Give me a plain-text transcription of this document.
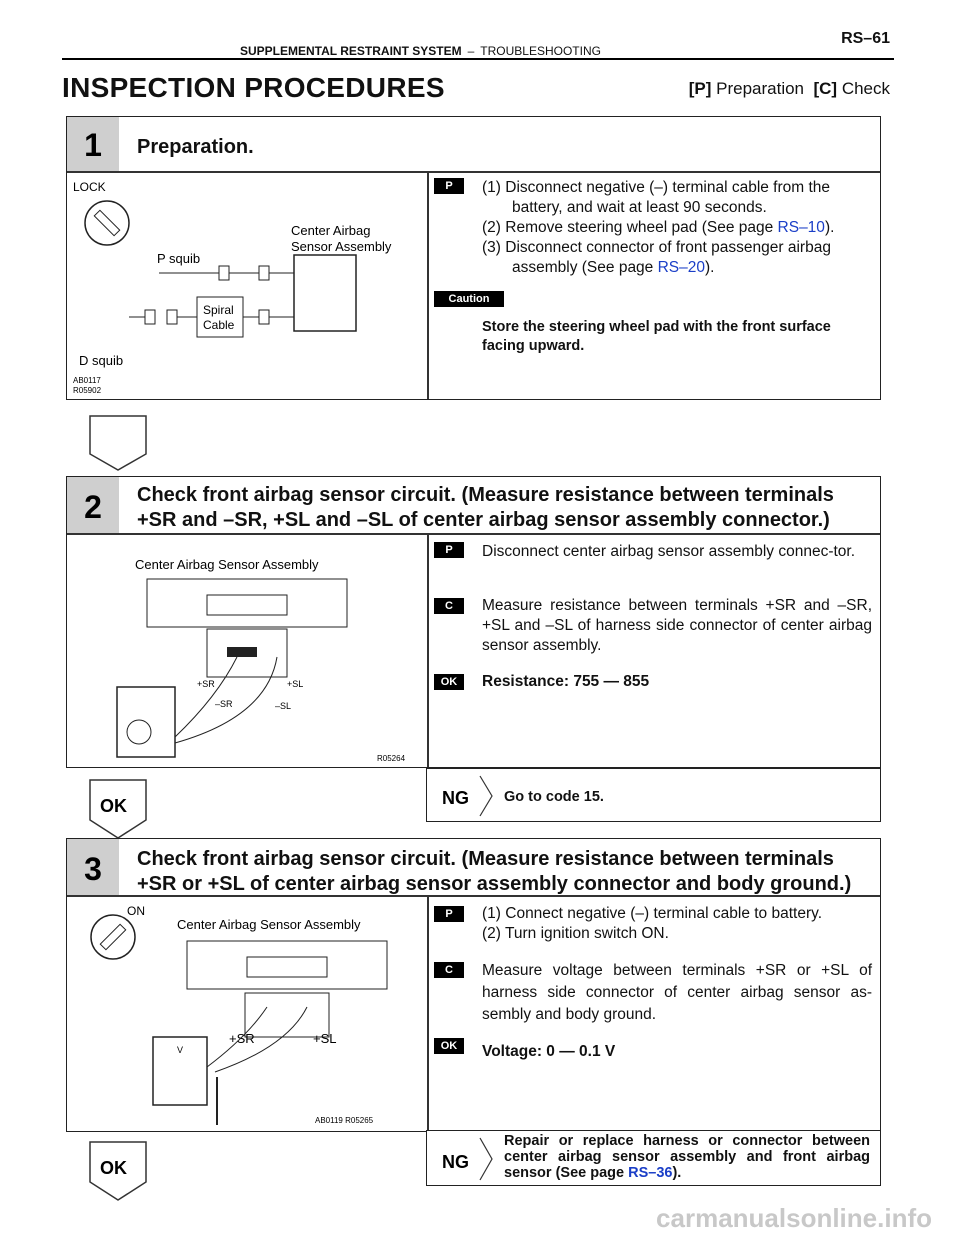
SUPPLEMENTAL RESTRAINT SYSTEM – TROUBLESHOOTING
RS–61
INSPECTION PROCEDURES	[P] Preparation [C] Check
1	Preparation.
LOCK
P squib
Center Airbag
Sensor Assembly
D squib
Spiral
Cable
AB0117
R05902
P	(1) Disconnect negative (–) terminal cable from the
battery, and wait at least 90 seconds.
(2) Remove steering wheel pad (See page RS–10).
(3) Disconnect connector of front passenger airbag
assembly (See page RS–20).
Caution
Store the steering wheel pad with the front surface facing upward.
2	Check front airbag sensor circuit. (Measure resistance between terminals
+SR and –SR, +SL and –SL of center airbag sensor assembly connector.)
Center Airbag Sensor Assembly
+SR	+SL
–SR	–SL
R05264
P	Disconnect center airbag sensor assembly connec-tor.
C	Measure resistance between terminals +SR and –SR, +SL and –SL of harness side connector of center airbag sensor assembly.
OK	Resistance: 755 — 855
OK	NG Go to code 15.
3	Check front airbag sensor circuit. (Measure resistance between terminals
+SR or +SL of center airbag sensor assembly connector and body ground.)
ON
Center Airbag Sensor Assembly
+SR	+SL
V
AB0119 R05265
P	(1) Connect negative (–) terminal cable to battery.
(2) Turn ignition switch ON.
C	Measure voltage between terminals +SR or +SL of harness side connector of center airbag sensor as-sembly and body ground.
OK	Voltage: 0 — 0.1 V
OK	NG
Repair or replace harness or connector between center airbag sensor assembly and front airbag sensor (See page RS–36).
carmanualsonline.info
